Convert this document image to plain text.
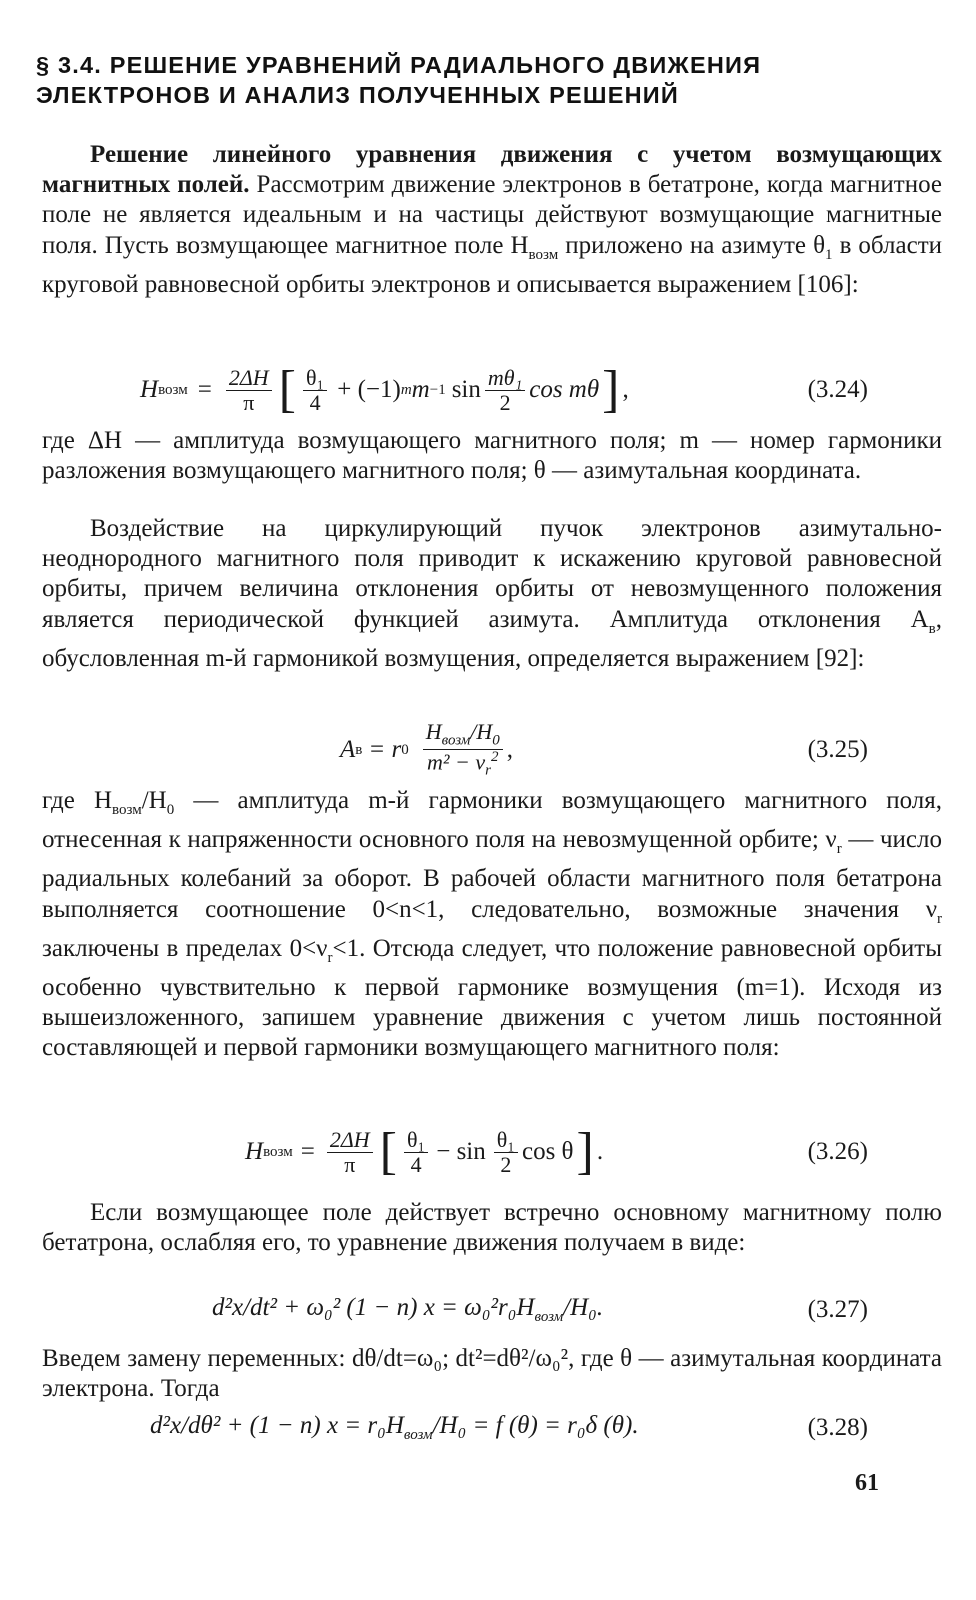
§ 3.4. РЕШЕНИЕ УРАВНЕНИЙ РАДИАЛЬНОГО ДВИЖЕНИЯ
ЭЛЕКТРОНОВ И АНАЛИЗ ПОЛУЧЕННЫХ РЕШЕНИЙ

Решение линейного уравнения движения с учетом возмущающих магнитных полей. Рассмотрим движение электронов в бетатроне, когда магнитное поле не является идеальным и на частицы действуют возмущающие магнитные поля. Пусть возмущающее магнитное поле $H_{возм}$ приложено на азимуте $\theta_1$ в области круговой равновесной орбиты электронов и описывается выражением [106]:

H возм = $\frac{2\Delta H}{\pi}$ [ $\frac{\text{θ₁}}{4} + (-1)$ m m −1 $\sin \frac{\text{mθ₁}}{2}$ cos mθ ] ,	(3.24)

где ΔH — амплитуда возмущающего магнитного поля; m — номер гармоники разложения возмущающего магнитного поля; θ — азимутальная координата.

Воздействие на циркулирующий пучок электронов азимутально-неоднородного магнитного поля приводит к искажению круговой равновесной орбиты, причем величина отклонения орбиты от невозмущенного положения является периодической функцией азимута. Амплитуда отклонения $A_в$, обусловленная m-й гармоникой возмущения, определяется выражением [92]:

A в = r $0 \frac{H_{возм}/H_0}{m^2 - \nu_r^2}$ ,	(3.25)

где $H_{возм}/H_0$ — амплитуда m-й гармоники возмущающего магнитного поля, отнесенная к напряженности основного поля на невозмущенной орбите; $\nu_r$ — число радиальных колебаний за оборот. В рабочей области магнитного поля бетатрона выполняется соотношение 0<n<1, следовательно, возможные значения $\nu_r$ заключены в пределах $0<\nu_r<1$. Отсюда следует, что положение равновесной орбиты особенно чувствительно к первой гармонике возмущения (m=1). Исходя из вышеизложенного, запишем уравнение движения с учетом лишь постоянной составляющей и первой гармоники возмущающего магнитного поля:

H возм = $\frac{2\Delta H}{\pi}$ [ $\frac{\text{θ₁}}{4} - \sin \frac{\text{θ₁}}{2}$ cos θ ] .	(3.26)

Если возмущающее поле действует встречно основному магнитному полю бетатрона, ослабляя его, то уравнение движения получаем в виде:

d²x/dt² + ω₀² (1 − n) $x = \omega_0^2r_0H_{возм}/H_0$.	(3.27)

Введем замену переменных: dθ/dt=ω₀; dt²=dθ²/ω₀², где θ — азимутальная координата электрона. Тогда

d²x/dθ² + (1 − n) $x = r_0H_{возм}/H_0 = f$ (θ) = r₀δ (θ).	(3.28)
61
